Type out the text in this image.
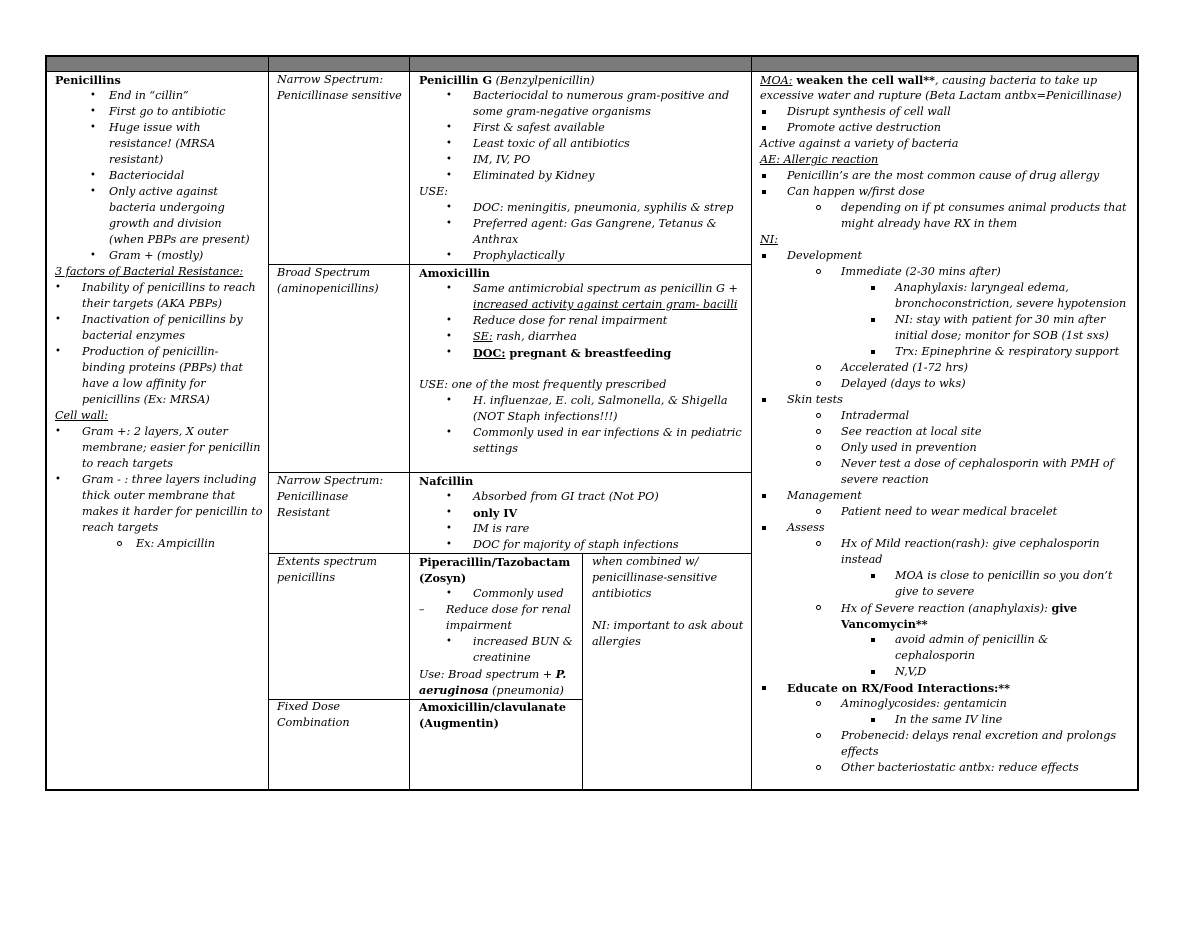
Penicillins
• End in “cillin”
• First go to antibiotic
• Huge issue with
resistance! (MRSA
resistant)
• Bacteriocidal
• Only active against
bacteria undergoing
growth and division
(when PBPs are present)
• Gram + (mostly)
3 factors of Bacterial Resistance:
• Inability of penicillins to reach
their targets (AKA PBPs)
• Inactivation of penicillins by
bacterial enzymes
• Production of penicillin-
binding proteins (PBPs) that
have a low affinity for
penicillins (Ex: MRSA)
Cell wall:
• Gram +: 2 layers, X outer
membrane; easier for penicillin
to reach targets
• Gram - : three layers including
thick outer membrane that
makes it harder for penicillin to
reach targets
Ex: Ampicillin
Narrow Spectrum:
Penicillinase sensitive
Broad Spectrum
(aminopenicillins)
Narrow Spectrum:
Penicillinase
Resistant
Extents spectrum
penicillins
Fixed Dose
Combination
Penicillin G (Benzylpenicillin)
• Bacteriocidal to numerous gram-positive and
some gram-negative organisms
• First & safest available
• Least toxic of all antibiotics
• IM, IV, PO
• Eliminated by Kidney
USE:
• DOC: meningitis, pneumonia, syphilis & strep
• Preferred agent: Gas Gangrene, Tetanus &
Anthrax
• Prophylactically
Amoxicillin
• Same antimicrobial spectrum as penicillin G +
increased activity against certain gram- bacilli
• Reduce dose for renal impairment
• SE: rash, diarrhea
• DOC: pregnant & breastfeeding
USE: one of the most frequently prescribed
• H. influenzae, E. coli, Salmonella, & Shigella
(NOT Staph infections!!!)
• Commonly used in ear infections & in pediatric
settings
Nafcillin
• Absorbed from GI tract (Not PO)
• only IV
• IM is rare
• DOC for majority of staph infections
Piperacillin/Tazobactam
(Zosyn)
• Commonly used
– Reduce dose for renal
impairment
• increased BUN &
creatinine
Use: Broad spectrum + P.
aeruginosa (pneumonia)
when combined w/
penicillinase-sensitive
antibiotics
NI: important to ask about
allergies
Amoxicillin/clavulanate
(Augmentin)
MOA: weaken the cell wall**, causing bacteria to take up
excessive water and rupture (Beta Lactam antbx=Penicillinase)
Disrupt synthesis of cell wall
Promote active destruction
Active against a variety of bacteria
AE: Allergic reaction
Penicillin’s are the most common cause of drug allergy
Can happen w/first dose
depending on if pt consumes animal products that
might already have RX in them
NI:
Development
Immediate (2-30 mins after)
Anaphylaxis: laryngeal edema,
bronchoconstriction, severe hypotension
NI: stay with patient for 30 min after
initial dose; monitor for SOB (1st sxs)
Trx: Epinephrine & respiratory support
Accelerated (1-72 hrs)
Delayed (days to wks)
Skin tests
Intradermal
See reaction at local site
Only used in prevention
Never test a dose of cephalosporin with PMH of
severe reaction
Management
Patient need to wear medical bracelet
Assess
Hx of Mild reaction(rash): give cephalosporin
instead
MOA is close to penicillin so you don’t
give to severe
Hx of Severe reaction (anaphylaxis): give
Vancomycin**
avoid admin of penicillin &
cephalosporin
N,V,D
Educate on RX/Food Interactions:**
Aminoglycosides: gentamicin
In the same IV line
Probenecid: delays renal excretion and prolongs
effects
Other bacteriostatic antbx: reduce effects
